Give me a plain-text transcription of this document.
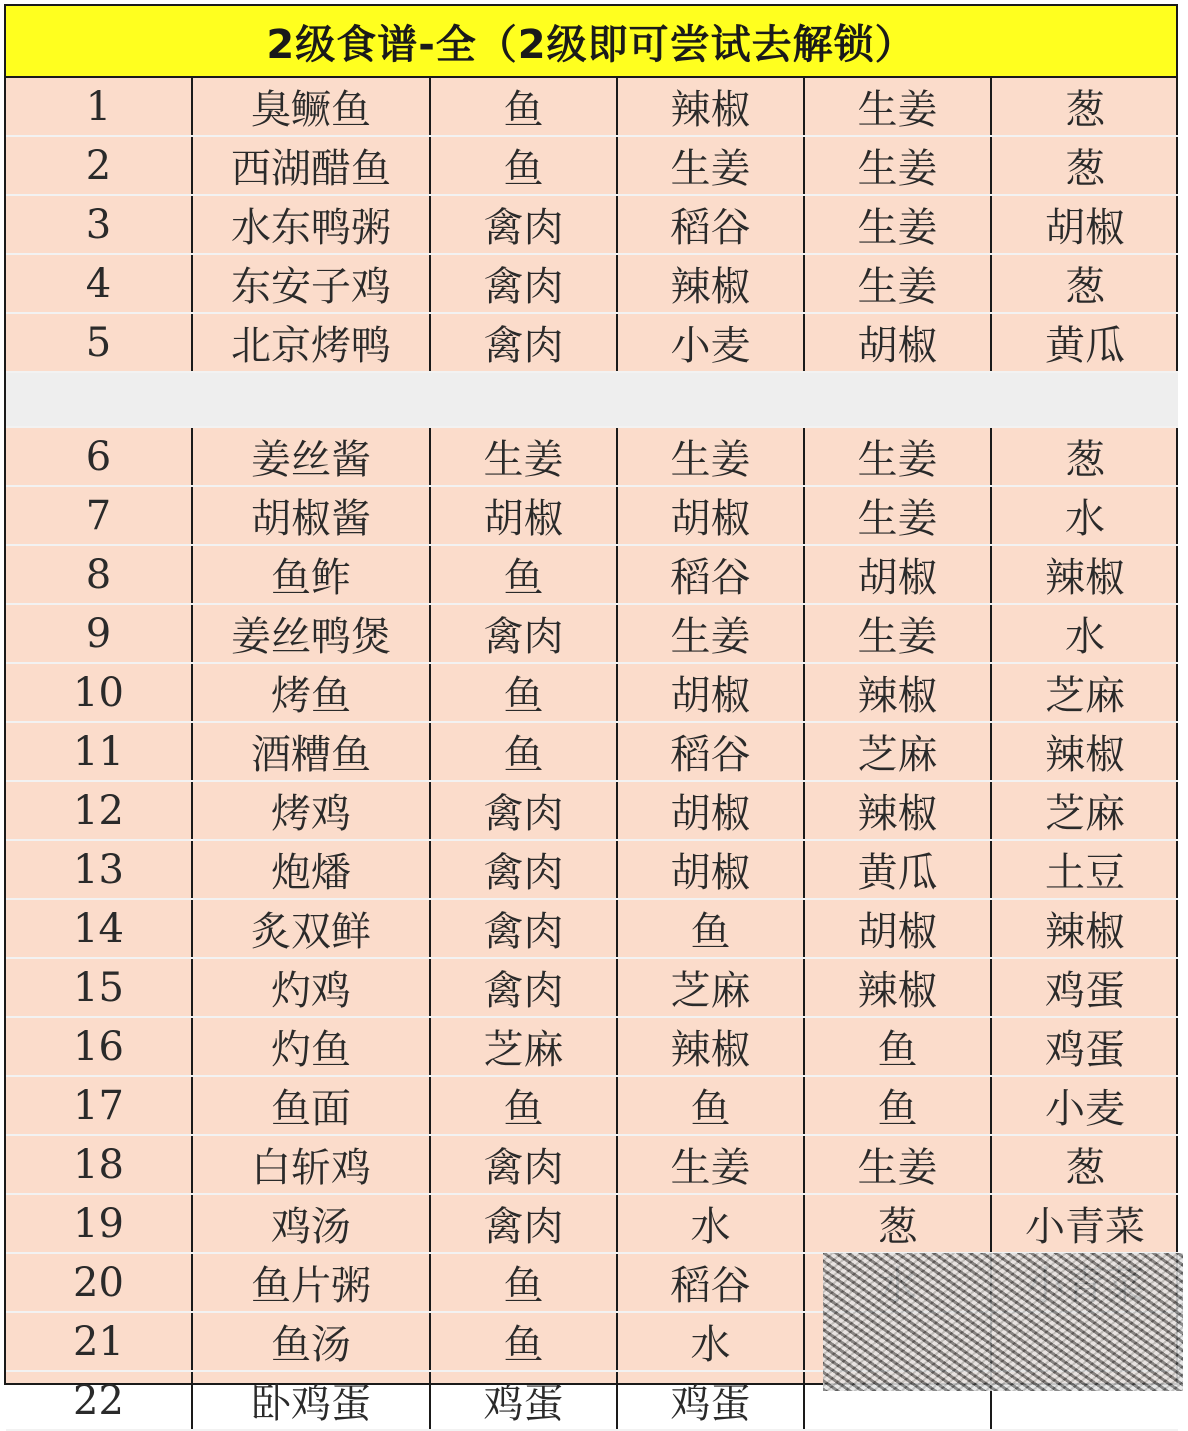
2级食谱-全（2级即可尝试去解锁）
1	臭鳜鱼	鱼	辣椒	生姜	葱
2	西湖醋鱼	鱼	生姜	生姜	葱
3	水东鸭粥	禽肉	稻谷	生姜	胡椒
4	东安子鸡	禽肉	辣椒	生姜	葱
5	北京烤鸭	禽肉	小麦	胡椒	黄瓜

6	姜丝酱	生姜	生姜	生姜	葱
7	胡椒酱	胡椒	胡椒	生姜	水
8	鱼鲊	鱼	稻谷	胡椒	辣椒
9	姜丝鸭煲	禽肉	生姜	生姜	水
10	烤鱼	鱼	胡椒	辣椒	芝麻
11	酒糟鱼	鱼	稻谷	芝麻	辣椒
12	烤鸡	禽肉	胡椒	辣椒	芝麻
13	炮燔	禽肉	胡椒	黄瓜	土豆
14	炙双鲜	禽肉	鱼	胡椒	辣椒
15	灼鸡	禽肉	芝麻	辣椒	鸡蛋
16	灼鱼	芝麻	辣椒	鱼	鸡蛋
17	鱼面	鱼	鱼	鱼	小麦
18	白斩鸡	禽肉	生姜	生姜	葱
19	鸡汤	禽肉	水	葱	小青菜
20	鱼片粥	鱼	稻谷		
21	鱼汤	鱼	水		
22	卧鸡蛋	鸡蛋	鸡蛋		
